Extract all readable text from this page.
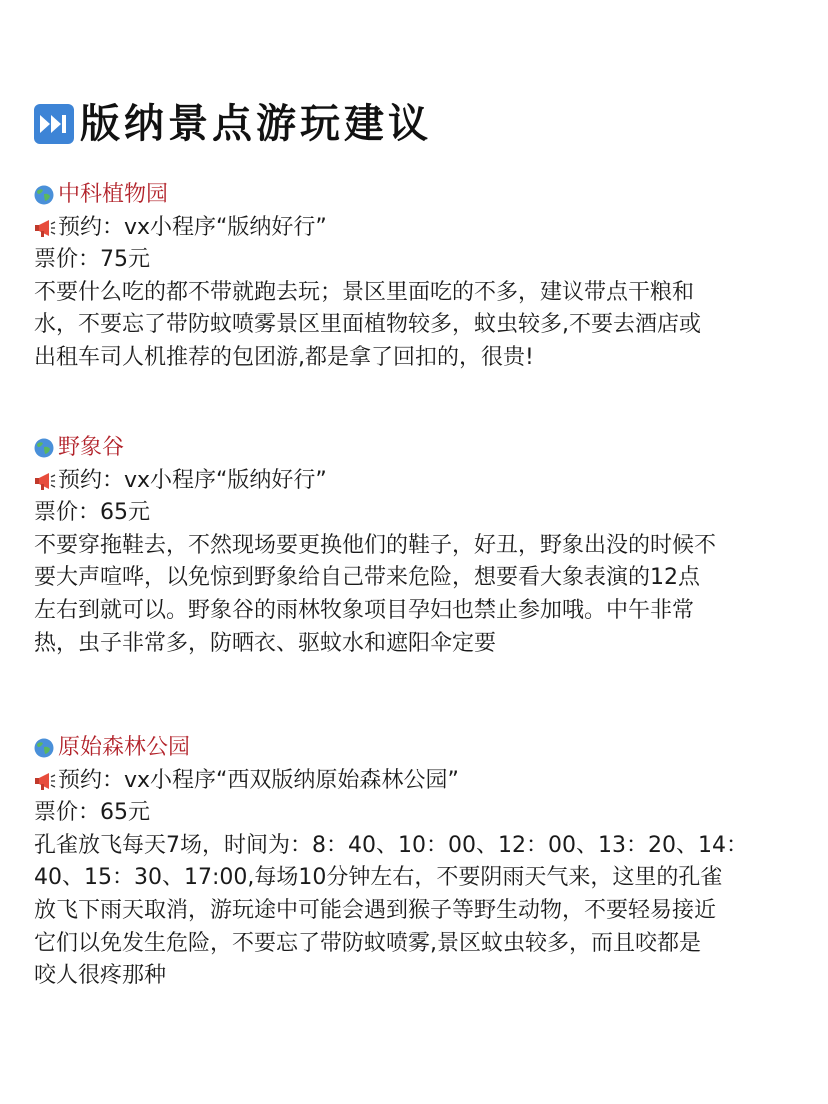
版纳景点游玩建议
中科植物园
预约：vx小程序“版纳好行”
票价：75元
不要什么吃的都不带就跑去玩；景区里面吃的不多，建议带点干粮和
水，不要忘了带防蚊喷雾景区里面植物较多，蚊虫较多,不要去酒店或
出租车司人机推荐的包团游,都是拿了回扣的，很贵!
野象谷
预约：vx小程序“版纳好行”
票价：65元
不要穿拖鞋去，不然现场要更换他们的鞋子，好丑，野象出没的时候不
要大声喧哗，以免惊到野象给自己带来危险，想要看大象表演的12点
左右到就可以。野象谷的雨林牧象项目孕妇也禁止参加哦。中午非常
热，虫子非常多，防晒衣、驱蚊水和遮阳伞定要
原始森林公园
预约：vx小程序“西双版纳原始森林公园”
票价：65元
孔雀放飞每天7场，时间为：8：40、10：00、12：00、13：20、14：
40、15：30、17:00,每场10分钟左右，不要阴雨天气来，这里的孔雀
放飞下雨天取消，游玩途中可能会遇到猴子等野生动物，不要轻易接近
它们以免发生危险，不要忘了带防蚊喷雾,景区蚊虫较多，而且咬都是
咬人很疼那种
